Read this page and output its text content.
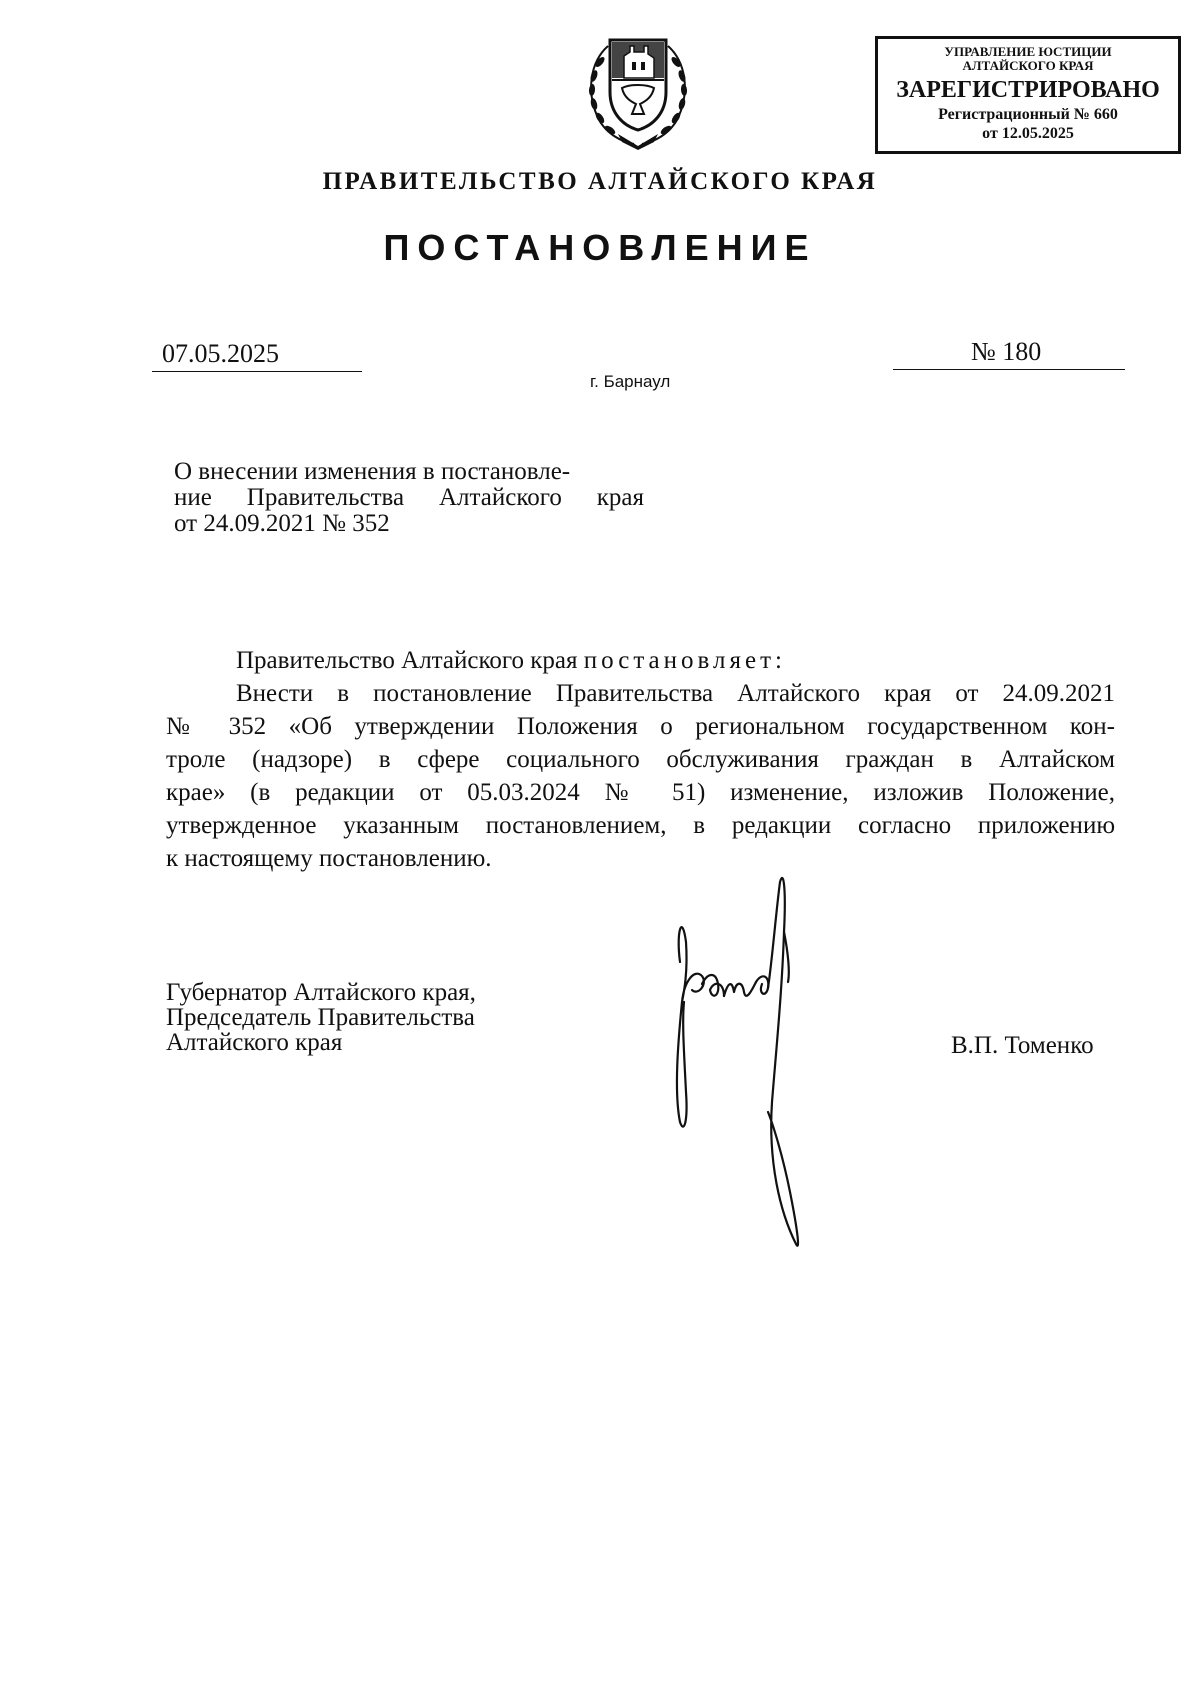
УПРАВЛЕНИЕ ЮСТИЦИИ
АЛТАЙСКОГО КРАЯ
ЗАРЕГИСТРИРОВАНО
Регистрационный № 660
от 12.05.2025
ПРАВИТЕЛЬСТВО АЛТАЙСКОГО КРАЯ
ПОСТАНОВЛЕНИЕ
07.05.2025	№ 180
г. Барнаул
О внесении изменения в постановле-
ние Правительства Алтайского края
от 24.09.2021 № 352
Правительство Алтайского края постановляет:
Внести в постановление Правительства Алтайского края от 24.09.2021
№ 352 «Об утверждении Положения о региональном государственном кон-
троле (надзоре) в сфере социального обслуживания граждан в Алтайском
крае» (в редакции от 05.03.2024 № 51) изменение, изложив Положение,
утвержденное указанным постановлением, в редакции согласно приложению
к настоящему постановлению.
Губернатор Алтайского края,
Председатель Правительства
Алтайского края	В.П. Томенко
